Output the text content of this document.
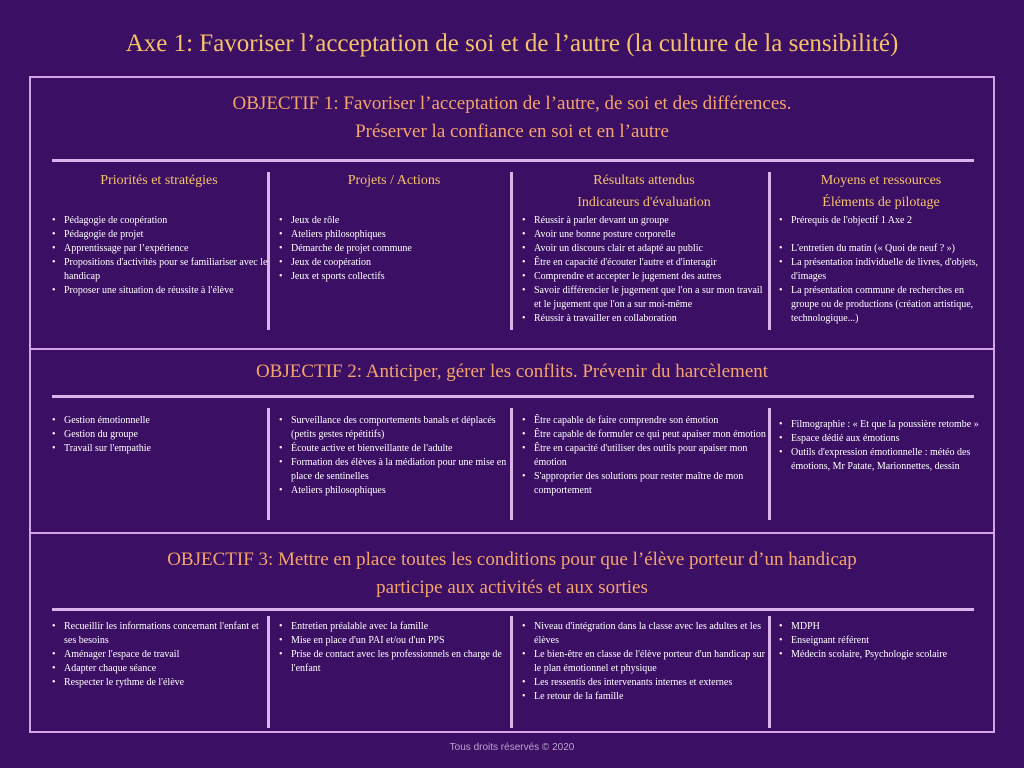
Axe 1: Favoriser l’acceptation de soi et de l’autre (la culture de la sensibilité)
OBJECTIF 1: Favoriser l’acceptation de l’autre, de soi et des différences.
Préserver la confiance en soi et en l’autre
Priorités et stratégies
• Pédagogie de coopération
• Pédagogie de projet
• Apprentissage par l’expérience
• Propositions d'activités pour se familiariser avec le handicap
• Proposer une situation de réussite à l'élève
Projets / Actions
• Jeux de rôle
• Ateliers philosophiques
• Démarche de projet commune
• Jeux de coopération
• Jeux et sports collectifs
Résultats attendus
Indicateurs d'évaluation
• Réussir à parler devant un groupe
• Avoir une bonne posture corporelle
• Avoir un discours clair et adapté au public
• Être en capacité d'écouter l'autre et d'interagir
• Comprendre et accepter le jugement des autres
• Savoir différencier le jugement que l'on a sur mon travail et le jugement que l'on a sur moi-même
• Réussir à travailler en collaboration
Moyens et ressources
Éléments de pilotage
• Prérequis de l'objectif 1 Axe 2

• L'entretien du matin (« Quoi de neuf ? »)
• La présentation individuelle de livres, d'objets, d'images
• La présentation commune de recherches en groupe ou de productions (création artistique, technologique...)
OBJECTIF 2: Anticiper, gérer les conflits. Prévenir du harcèlement
• Gestion émotionnelle
• Gestion du groupe
• Travail sur l'empathie
• Surveillance des comportements banals et déplacés (petits gestes répétitifs)
• Écoute active et bienveillante de l'adulte
• Formation des élèves à la médiation pour une mise en place de sentinelles
• Ateliers philosophiques
• Être capable de faire comprendre son émotion
• Être capable de formuler ce qui peut apaiser mon émotion
• Être en capacité d'utiliser des outils pour apaiser mon émotion
• S'approprier des solutions pour rester maître de mon comportement
• Filmographie : « Et que la poussière retombe »
• Espace dédié aux émotions
• Outils d'expression émotionnelle : météo des émotions, Mr Patate, Marionnettes, dessin
OBJECTIF 3: Mettre en place toutes les conditions pour que l’élève porteur d’un handicap
participe aux activités et aux sorties
• Recueillir les informations concernant l'enfant et ses besoins
• Aménager l'espace de travail
• Adapter chaque séance
• Respecter le rythme de l'élève
• Entretien préalable avec la famille
• Mise en place d'un PAI et/ou d'un PPS
• Prise de contact avec les professionnels en charge de l'enfant
• Niveau d'intégration dans la classe avec les adultes et les élèves
• Le bien-être en classe de l'élève porteur d'un handicap sur le plan émotionnel et physique
• Les ressentis des intervenants internes et externes
• Le retour de la famille
• MDPH
• Enseignant référent
• Médecin scolaire, Psychologie scolaire
Tous droits réservés © 2020
